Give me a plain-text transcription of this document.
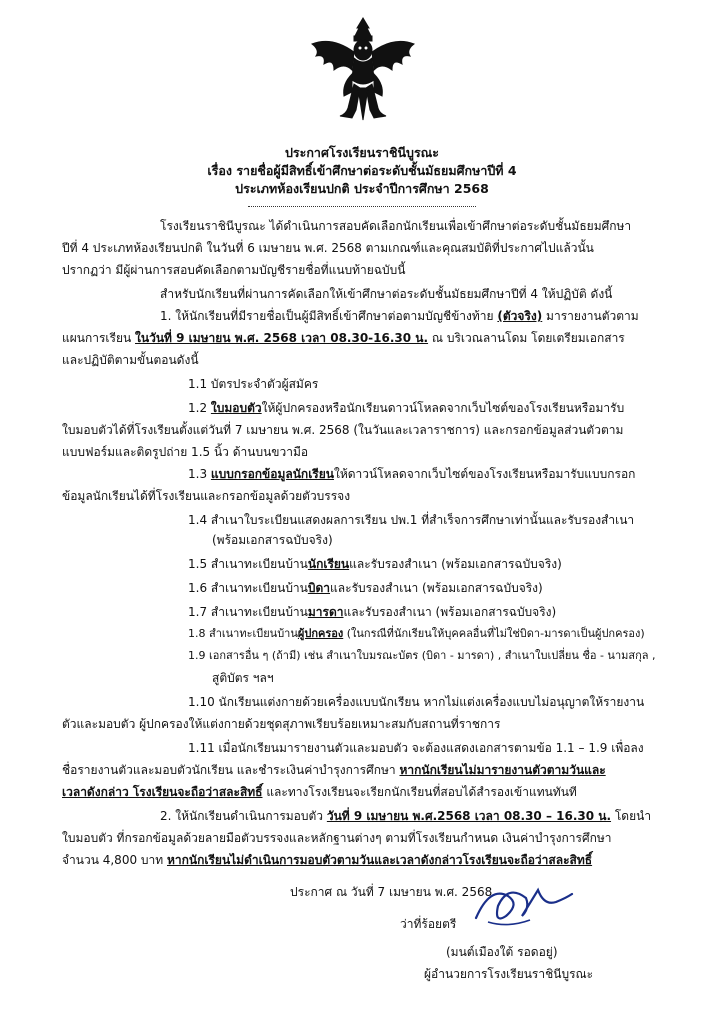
ประกาศโรงเรียนราชินีบูรณะ
เรื่อง รายชื่อผู้มีสิทธิ์เข้าศึกษาต่อระดับชั้นมัธยมศึกษาปีที่ 4
ประเภทห้องเรียนปกติ ประจำปีการศึกษา 2568
โรงเรียนราชินีบูรณะ ได้ดำเนินการสอบคัดเลือกนักเรียนเพื่อเข้าศึกษาต่อระดับชั้นมัธยมศึกษา
ปีที่ 4 ประเภทห้องเรียนปกติ ในวันที่ 6 เมษายน พ.ศ. 2568 ตามเกณฑ์และคุณสมบัติที่ประกาศไปแล้วนั้น
ปรากฏว่า มีผู้ผ่านการสอบคัดเลือกตามบัญชีรายชื่อที่แนบท้ายฉบับนี้
สำหรับนักเรียนที่ผ่านการคัดเลือกให้เข้าศึกษาต่อระดับชั้นมัธยมศึกษาปีที่ 4 ให้ปฏิบัติ ดังนี้
1. ให้นักเรียนที่มีรายชื่อเป็นผู้มีสิทธิ์เข้าศึกษาต่อตามบัญชีข้างท้าย (ตัวจริง) มารายงานตัวตาม
แผนการเรียน ในวันที่ 9 เมษายน พ.ศ. 2568 เวลา 08.30-16.30 น. ณ บริเวณลานโดม โดยเตรียมเอกสาร
และปฏิบัติตามขั้นตอนดังนี้
1.1 บัตรประจำตัวผู้สมัคร
1.2 ใบมอบตัวให้ผู้ปกครองหรือนักเรียนดาวน์โหลดจากเว็บไซต์ของโรงเรียนหรือมารับ
ใบมอบตัวได้ที่โรงเรียนตั้งแต่วันที่ 7 เมษายน พ.ศ. 2568 (ในวันและเวลาราชการ) และกรอกข้อมูลส่วนตัวตาม
แบบฟอร์มและติดรูปถ่าย 1.5 นิ้ว ด้านบนขวามือ
1.3 แบบกรอกข้อมูลนักเรียนให้ดาวน์โหลดจากเว็บไซต์ของโรงเรียนหรือมารับแบบกรอก
ข้อมูลนักเรียนได้ที่โรงเรียนและกรอกข้อมูลด้วยตัวบรรจง
1.4 สำเนาใบระเบียนแสดงผลการเรียน ปพ.1 ที่สำเร็จการศึกษาเท่านั้นและรับรองสำเนา
(พร้อมเอกสารฉบับจริง)
1.5 สำเนาทะเบียนบ้านนักเรียนและรับรองสำเนา (พร้อมเอกสารฉบับจริง)
1.6 สำเนาทะเบียนบ้านบิดาและรับรองสำเนา (พร้อมเอกสารฉบับจริง)
1.7 สำเนาทะเบียนบ้านมารดาและรับรองสำเนา (พร้อมเอกสารฉบับจริง)
1.8 สำเนาทะเบียนบ้านผู้ปกครอง (ในกรณีที่นักเรียนให้บุคคลอื่นที่ไม่ใช่บิดา-มารดาเป็นผู้ปกครอง)
1.9 เอกสารอื่น ๆ (ถ้ามี) เช่น สำเนาใบมรณะบัตร (บิดา - มารดา) , สำเนาใบเปลี่ยน ชื่อ - นามสกุล ,
สูติบัตร ฯลฯ
1.10 นักเรียนแต่งกายด้วยเครื่องแบบนักเรียน หากไม่แต่งเครื่องแบบไม่อนุญาตให้รายงาน
ตัวและมอบตัว ผู้ปกครองให้แต่งกายด้วยชุดสุภาพเรียบร้อยเหมาะสมกับสถานที่ราชการ
1.11 เมื่อนักเรียนมารายงานตัวและมอบตัว จะต้องแสดงเอกสารตามข้อ 1.1 – 1.9 เพื่อลง
ชื่อรายงานตัวและมอบตัวนักเรียน และชำระเงินค่าบำรุงการศึกษา หากนักเรียนไม่มารายงานตัวตามวันและ
เวลาดังกล่าว โรงเรียนจะถือว่าสละสิทธิ์ และทางโรงเรียนจะเรียกนักเรียนที่สอบได้สำรองเข้าแทนทันที
2. ให้นักเรียนดำเนินการมอบตัว วันที่ 9 เมษายน พ.ศ.2568 เวลา 08.30 – 16.30 น. โดยนำ
ใบมอบตัว ที่กรอกข้อมูลด้วยลายมือตัวบรรจงและหลักฐานต่างๆ ตามที่โรงเรียนกำหนด เงินค่าบำรุงการศึกษา
จำนวน 4,800 บาท หากนักเรียนไม่ดำเนินการมอบตัวตามวันและเวลาดังกล่าวโรงเรียนจะถือว่าสละสิทธิ์
ประกาศ ณ วันที่ 7 เมษายน พ.ศ. 2568
ว่าที่ร้อยตรี
(มนต์เมืองใต้ รอดอยู่)
ผู้อำนวยการโรงเรียนราชินีบูรณะ
